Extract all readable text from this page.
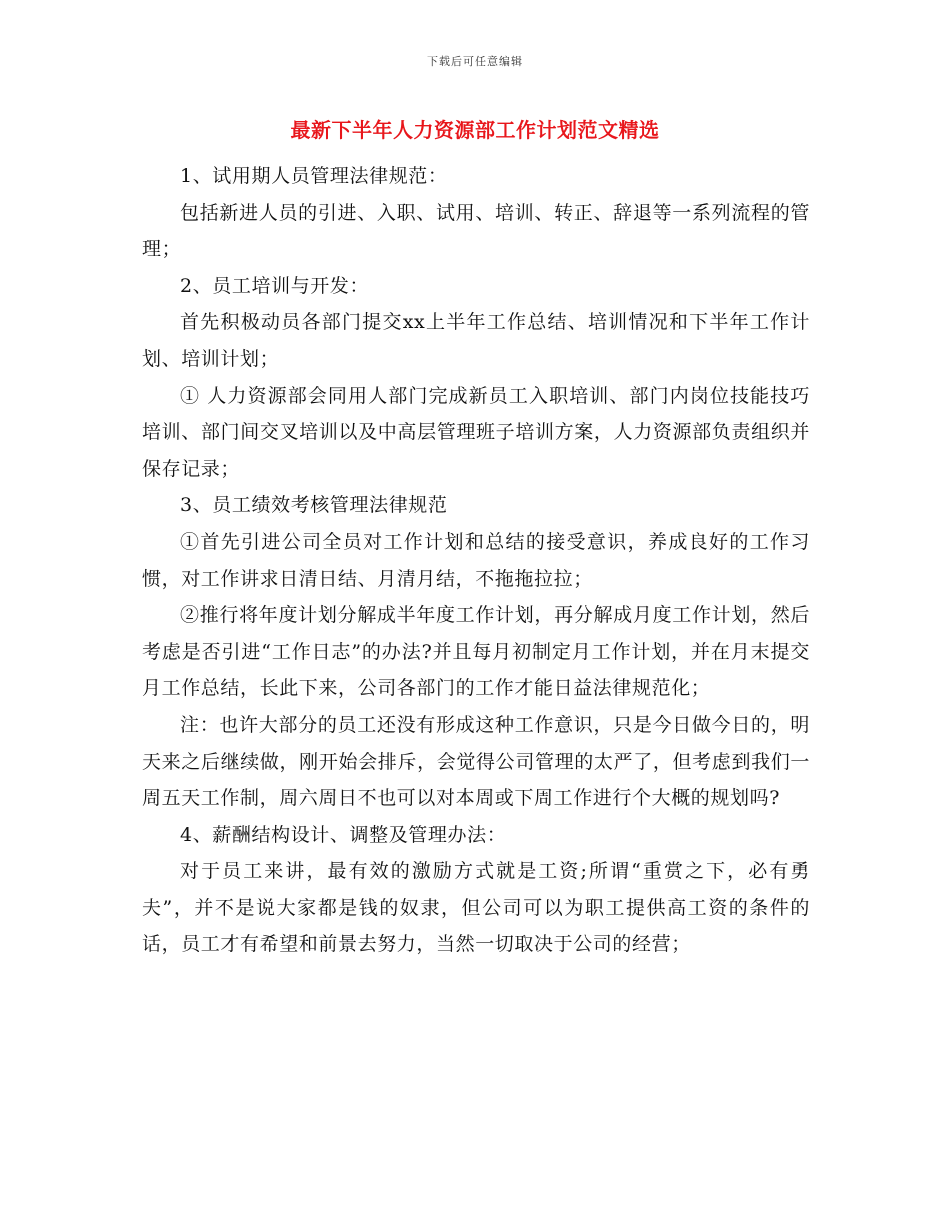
下载后可任意编辑
最新下半年人力资源部工作计划范文精选

1、试用期人员管理法律规范：

包括新进人员的引进、入职、试用、培训、转正、辞退等一系列流程的管理；

2、员工培训与开发：

首先积极动员各部门提交xx上半年工作总结、培训情况和下半年工作计划、培训计划；

① 人力资源部会同用人部门完成新员工入职培训、部门内岗位技能技巧培训、部门间交叉培训以及中高层管理班子培训方案，人力资源部负责组织并保存记录；

3、员工绩效考核管理法律规范

①首先引进公司全员对工作计划和总结的接受意识，养成良好的工作习惯，对工作讲求日清日结、月清月结，不拖拖拉拉；

②推行将年度计划分解成半年度工作计划，再分解成月度工作计划，然后考虑是否引进“工作日志”的办法?并且每月初制定月工作计划，并在月末提交月工作总结，长此下来，公司各部门的工作才能日益法律规范化；

注：也许大部分的员工还没有形成这种工作意识，只是今日做今日的，明天来之后继续做，刚开始会排斥，会觉得公司管理的太严了，但考虑到我们一周五天工作制，周六周日不也可以对本周或下周工作进行个大概的规划吗?

4、薪酬结构设计、调整及管理办法：

对于员工来讲，最有效的激励方式就是工资;所谓“重赏之下，必有勇夫”，并不是说大家都是钱的奴隶，但公司可以为职工提供高工资的条件的话，员工才有希望和前景去努力，当然一切取决于公司的经营；
